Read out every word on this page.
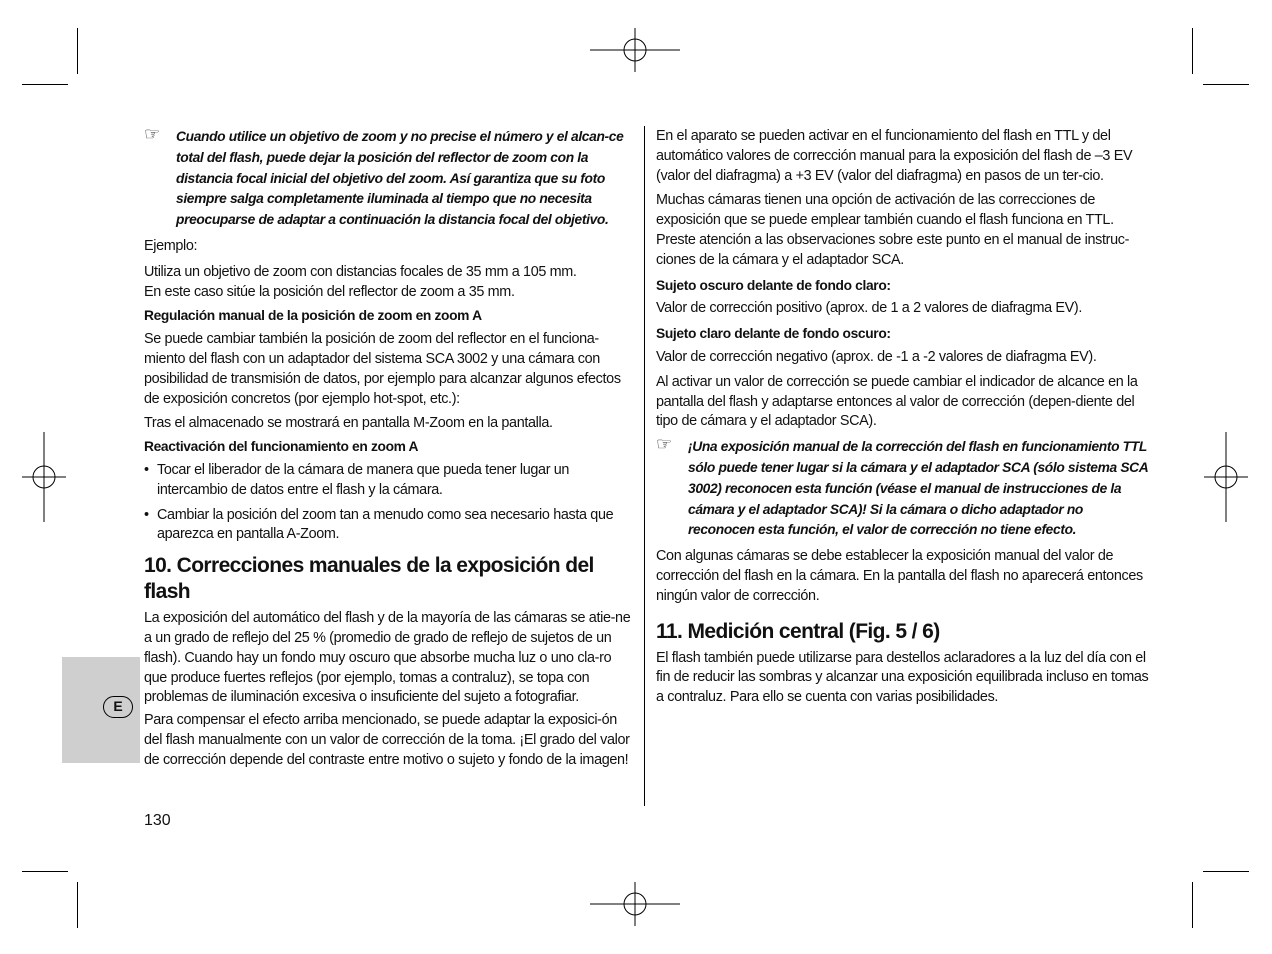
E
☞ Cuando utilice un objetivo de zoom y no precise el número y el alcan-ce total del flash, puede dejar la posición del reflector de zoom con la distancia focal inicial del objetivo del zoom. Así garantiza que su foto siempre salga completamente iluminada al tiempo que no necesita preocuparse de adaptar a continuación la distancia focal del objetivo.

Ejemplo:

Utiliza un objetivo de zoom con distancias focales de 35 mm a 105 mm.
En este caso sitúe la posición del reflector de zoom a 35 mm.

Regulación manual de la posición de zoom en zoom A

Se puede cambiar también la posición de zoom del reflector en el funciona-miento del flash con un adaptador del sistema SCA 3002 y una cámara con posibilidad de transmisión de datos, por ejemplo para alcanzar algunos efectos de exposición concretos (por ejemplo hot-spot, etc.):

Tras el almacenado se mostrará en pantalla M-Zoom en la pantalla.

Reactivación del funcionamiento en zoom A

• Tocar el liberador de la cámara de manera que pueda tener lugar un intercambio de datos entre el flash y la cámara.
• Cambiar la posición del zoom tan a menudo como sea necesario hasta que aparezca en pantalla A-Zoom.
10. Correcciones manuales de la exposición del flash

La exposición del automático del flash y de la mayoría de las cámaras se atie-ne a un grado de reflejo del 25 % (promedio de grado de reflejo de sujetos de un flash). Cuando hay un fondo muy oscuro que absorbe mucha luz o uno cla-ro que produce fuertes reflejos (por ejemplo, tomas a contraluz), se topa con problemas de iluminación excesiva o insuficiente del sujeto a fotografiar.

Para compensar el efecto arriba mencionado, se puede adaptar la exposici-ón del flash manualmente con un valor de corrección de la toma. ¡El grado del valor de corrección depende del contraste entre motivo o sujeto y fondo de la imagen!

En el aparato se pueden activar en el funcionamiento del flash en TTL y del automático valores de corrección manual para la exposición del flash de –3 EV (valor del diafragma) a +3 EV (valor del diafragma) en pasos de un ter-cio.

Muchas cámaras tienen una opción de activación de las correcciones de exposición que se puede emplear también cuando el flash funciona en TTL. Preste atención a las observaciones sobre este punto en el manual de instruc-ciones de la cámara y el adaptador SCA.

Sujeto oscuro delante de fondo claro:

Valor de corrección positivo (aprox. de 1 a 2 valores de diafragma EV).

Sujeto claro delante de fondo oscuro:

Valor de corrección negativo (aprox. de -1 a -2 valores de diafragma EV).

Al activar un valor de corrección se puede cambiar el indicador de alcance en la pantalla del flash y adaptarse entonces al valor de corrección (depen-diente del tipo de cámara y el adaptador SCA).

☞ ¡Una exposición manual de la corrección del flash en funcionamiento TTL sólo puede tener lugar si la cámara y el adaptador SCA (sólo sistema SCA 3002) reconocen esta función (véase el manual de instrucciones de la cámara y el adaptador SCA)! Si la cámara o dicho adaptador no reconocen esta función, el valor de corrección no tiene efecto.

Con algunas cámaras se debe establecer la exposición manual del valor de corrección del flash en la cámara. En la pantalla del flash no aparecerá entonces ningún valor de corrección.

11. Medición central (Fig. 5 / 6)

El flash también puede utilizarse para destellos aclaradores a la luz del día con el fin de reducir las sombras y alcanzar una exposición equilibrada incluso en tomas a contraluz. Para ello se cuenta con varias posibilidades.

130
